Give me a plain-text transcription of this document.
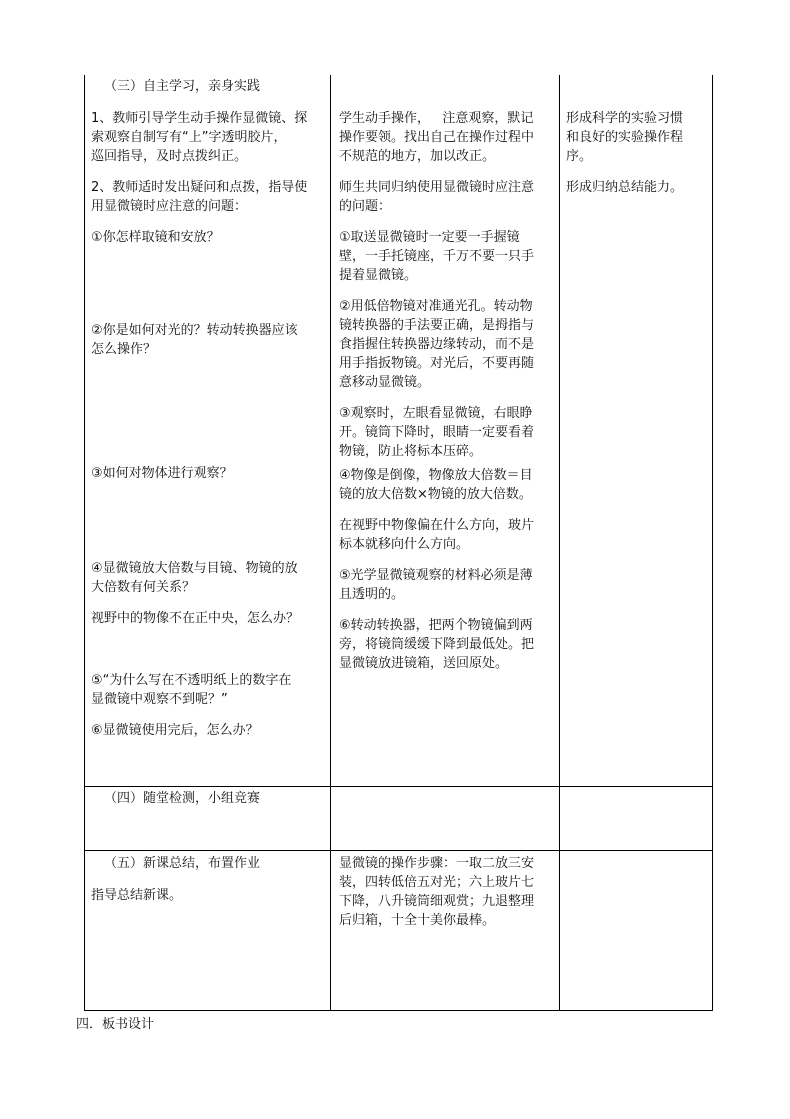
（三）自主学习，亲身实践
1、教师引导学生动手操作显微镜、探
索观察自制写有“上”字透明胶片，
巡回指导，及时点拨纠正。
2、教师适时发出疑问和点拨，指导使
用显微镜时应注意的问题：
①你怎样取镜和安放？
②你是如何对光的？转动转换器应该
怎么操作？
③如何对物体进行观察？
④显微镜放大倍数与目镜、物镜的放
大倍数有何关系？
视野中的物像不在正中央，怎么办？
⑤“为什么写在不透明纸上的数字在
显微镜中观察不到呢？”
⑥显微镜使用完后，怎么办？
（四）随堂检测，小组竞赛
（五）新课总结，布置作业
指导总结新课。
学生动手操作，   注意观察，默记
操作要领。找出自己在操作过程中
不规范的地方，加以改正。
师生共同归纳使用显微镜时应注意
的问题：
①取送显微镜时一定要一手握镜
壁，一手托镜座，千万不要一只手
提着显微镜。
②用低倍物镜对准通光孔。转动物
镜转换器的手法要正确，是拇指与
食指握住转换器边缘转动，而不是
用手指扳物镜。对光后，不要再随
意移动显微镜。
③观察时，左眼看显微镜，右眼睁
开。镜筒下降时，眼睛一定要看着
物镜，防止将标本压碎。
④物像是倒像，物像放大倍数＝目
镜的放大倍数×物镜的放大倍数。
在视野中物像偏在什么方向，玻片
标本就移向什么方向。
⑤光学显微镜观察的材料必须是薄
且透明的。
⑥转动转换器，把两个物镜偏到两
旁，将镜筒缓缓下降到最低处。把
显微镜放进镜箱，送回原处。
显微镜的操作步骤：一取二放三安
装，四转低倍五对光；六上玻片七
下降，八升镜筒细观赏；九退整理
后归箱，十全十美你最棒。
形成科学的实验习惯
和良好的实验操作程
序。
形成归纳总结能力。
四．板书设计
